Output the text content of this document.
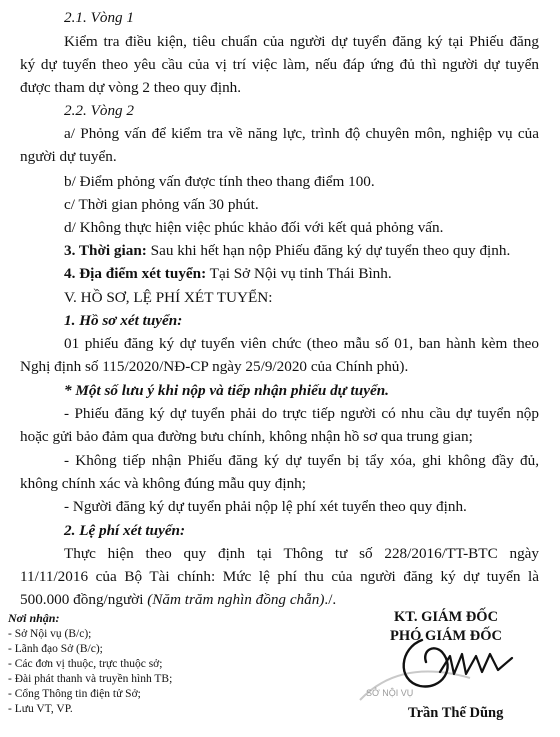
2.1. Vòng 1
Kiểm tra điều kiện, tiêu chuẩn của người dự tuyển đăng ký tại Phiếu đăng
ký dự tuyển theo yêu cầu của vị trí việc làm, nếu đáp ứng đủ thì người dự tuyển
được tham dự vòng 2 theo quy định.
2.2. Vòng 2
a/ Phỏng vấn để kiểm tra về năng lực, trình độ chuyên môn, nghiệp vụ của
người dự tuyển.
b/ Điểm phỏng vấn được tính theo thang điểm 100.
c/ Thời gian phỏng vấn 30 phút.
d/ Không thực hiện việc phúc khảo đối với kết quả phỏng vấn.
3. Thời gian: Sau khi hết hạn nộp Phiếu đăng ký dự tuyển theo quy định.
4. Địa điểm xét tuyển: Tại Sở Nội vụ tỉnh Thái Bình.
V. HỒ SƠ, LỆ PHÍ XÉT TUYỂN:
1. Hồ sơ xét tuyển:
01 phiếu đăng ký dự tuyển viên chức (theo mẫu số 01, ban hành kèm theo
Nghị định số 115/2020/NĐ-CP ngày 25/9/2020 của Chính phủ).
* Một số lưu ý khi nộp và tiếp nhận phiếu dự tuyển.
- Phiếu đăng ký dự tuyển phải do trực tiếp người có nhu cầu dự tuyển nộp
hoặc gửi bảo đảm qua đường bưu chính, không nhận hồ sơ qua trung gian;
- Không tiếp nhận Phiếu đăng ký dự tuyển bị tẩy xóa, ghi không đầy đủ,
không chính xác và không đúng mẫu quy định;
- Người đăng ký dự tuyển phải nộp lệ phí xét tuyển theo quy định.
2. Lệ phí xét tuyển:
Thực hiện theo quy định tại Thông tư số 228/2016/TT-BTC ngày
11/11/2016 của Bộ Tài chính: Mức lệ phí thu của người đăng ký dự tuyển là
500.000 đồng/người (Năm trăm nghìn đồng chẵn)./.
Nơi nhận:
- Sở Nội vụ (B/c);
- Lãnh đạo Sở (B/c);
- Các đơn vị thuộc, trực thuộc sở;
- Đài phát thanh và truyền hình TB;
- Cổng Thông tin điện tử Sở;
- Lưu VT, VP.
KT. GIÁM ĐỐC
PHÓ GIÁM ĐỐC
SỞ NỘI VỤ
Trần Thế Dũng
